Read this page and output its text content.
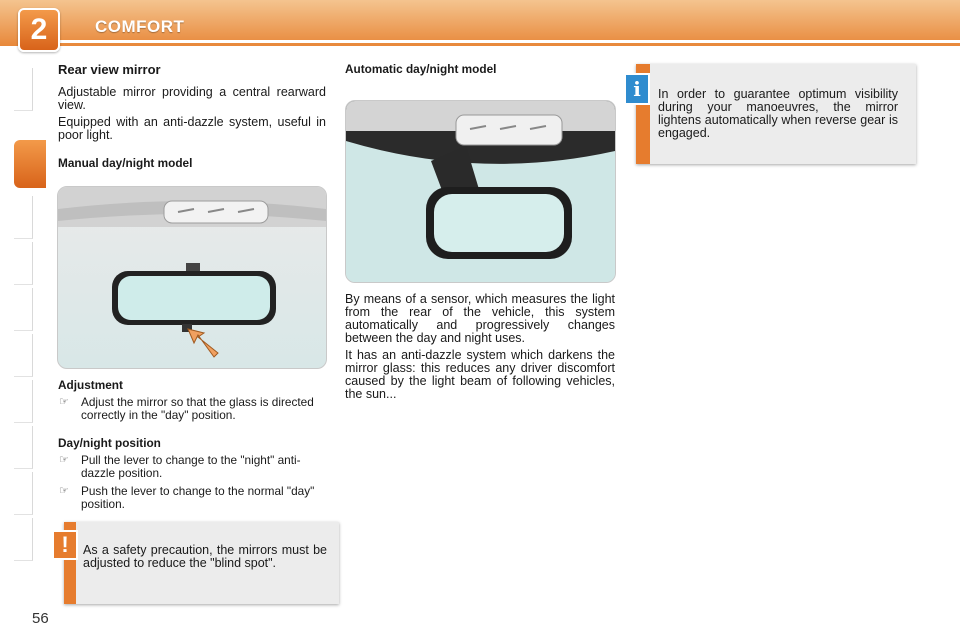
2	COMFORT
Rear view mirror

Adjustable mirror providing a central rearward view.

Equipped with an anti-dazzle system, useful in poor light.

Manual day/night model
Adjustment
☞ Adjust the mirror so that the glass is directed correctly in the "day" position.
Day/night position
☞ Pull the lever to change to the "night" anti-dazzle position.
☞ Push the lever to change to the normal "day" position.
As a safety precaution, the mirrors must be adjusted to reduce the "blind spot".
!
Automatic day/night model

By means of a sensor, which measures the light from the rear of the vehicle, this system automatically and progressively changes between the day and night uses.

It has an anti-dazzle system which darkens the mirror glass: this reduces any driver discomfort caused by the light beam of following vehicles, the sun...

In order to guarantee optimum visibility during your manoeuvres, the mirror lightens automatically when reverse gear is engaged.
i
56
